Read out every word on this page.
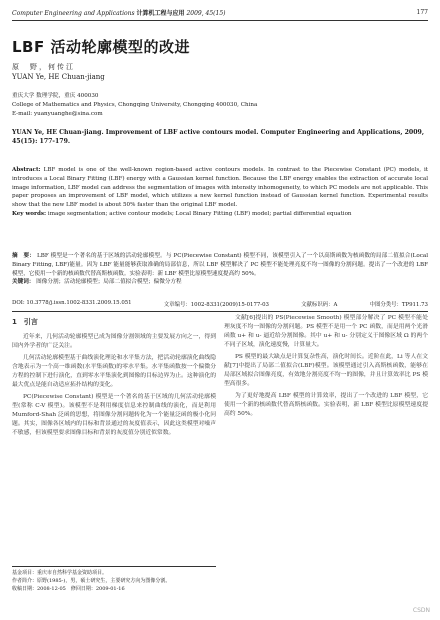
Computer Engineering and Applications 计算机工程与应用 2009, 45(15)	177
LBF 活动轮廓模型的改进
原　野，何传江
YUAN Ye, HE Chuan-jiang
重庆大学 数理学院，重庆 400030
College of Mathematics and Physics, Chongqing University, Chongqing 400030, China
E-mail: yuanyuanghe@sina.com
YUAN Ye, HE Chuan-jiang. Improvement of LBF active contours model. Computer Engineering and Applications, 2009, 45(15): 177-179.
Abstract: LBF model is one of the well-known region-based active contours models. In contrast to the Piecewise Constant (PC) models, it introduces a Local Binary Fitting (LBF) energy with a Gaussian kernel function. Because the LBF energy enables the extraction of accurate local image information, LBF model can address the segmentation of images with intensity inhomogeneity, to which PC models are not applicable. This paper proposes an improvement of LBF model, which utilizes a new kernel function instead of Gaussian kernel function. Experimental results show that the new LBF model is about 50% faster than the original LBF model.
Key words: image segmentation; active contour models; Local Binary Fitting (LBF) model; partial differential equation
摘　要： LBF 模型是一个著名的基于区域的活动轮廓模型。与 PC(Piecewise Constant) 模型不同，该模型引入了一个以高斯函数为核函数的局部二值拟合(Local Binary Fitting, LBF)能量。因为 LBF 能量能够获取准确的局部信息，所以 LBF 模型解决了 PC 模型不能处理亮度不均一图像的分割问题。提出了一个改进的 LBF 模型，它使用一个新的核函数代替高斯核函数。实验表明：新 LBF 模型比原模型速度提高约 50%。
关键词： 图像分割；活动轮廓模型；局部二值拟合模型；偏微分方程
DOI: 10.3778/j.issn.1002-8331.2009.15.051	文章编号：1002-8331(2009)15-0177-03	文献标识码：A	中图分类号：TP911.73
1　引言

近年来，几何活动轮廓模型已成为图像分割领域的主要发展方向之一，得到国内外学者的广泛关注。

几何活动轮廓模型基于曲线演化理论和水平集方法，把活动轮廓演化曲线隐含地表示为一个高一维函数(水平集函数)的零水平集。水平集函数按一个偏微分方程的控制下进行演化，直到零水平集演化到图像的目标边界为止。这种演化的最大优点是能自动适应拓扑结构的变化。

PC(Piecewise Constant) 模型是一个著名的基于区域的几何活动轮廓模型(常称 C-V 模型)。该模型不是利用梯度信息来控制曲线的演化，而是利用 Mumford-Shah 泛函的思想，将图像分割问题转化为一个能量泛函的极小化问题。其实，图像各区域内的目标和背景通过的灰度值表示，因此这类模型对噪声不敏感，但该模型要求图像目标和背景的灰度值分别近似常数。

文献[6]提出的 PS(Piecewise Smooth) 模型部分解决了 PC 模型不能处理灰度不均一图像的分割问题。PS 模型不是用一个 PC 函数，而是用两个光滑函数 u+ 和 u- 逼近给分割图像。其中 u+ 和 u- 分别定义于图像区域 Ω 的两个不同子区域，演化速度慢，计算量大。

PS 模型的最大缺点是计算复杂性高，演化时间长。近阶在此，Li 等人在文献[7]中提出了局部二值拟合(LBF)模型。该模型通过引入高斯核函数，能够在局部区域拟合图像亮度，有效地分割亮度不均一的图像，并且计算效率比 PS 模型高很多。

为了更好地提高 LBF 模型的计算效率，提出了一个改进的 LBF 模型，它使用一个新的核函数代替高斯核函数。实验表明，新 LBF 模型比原模型速度提高约 50%。

基金项目：重庆市自然科学基金资助项目。
作者简介：原野(1985-)，男，硕士研究生，主要研究方向为图像分割。
收稿日期：2008-12-05　修回日期：2009-01-16
CSDN
